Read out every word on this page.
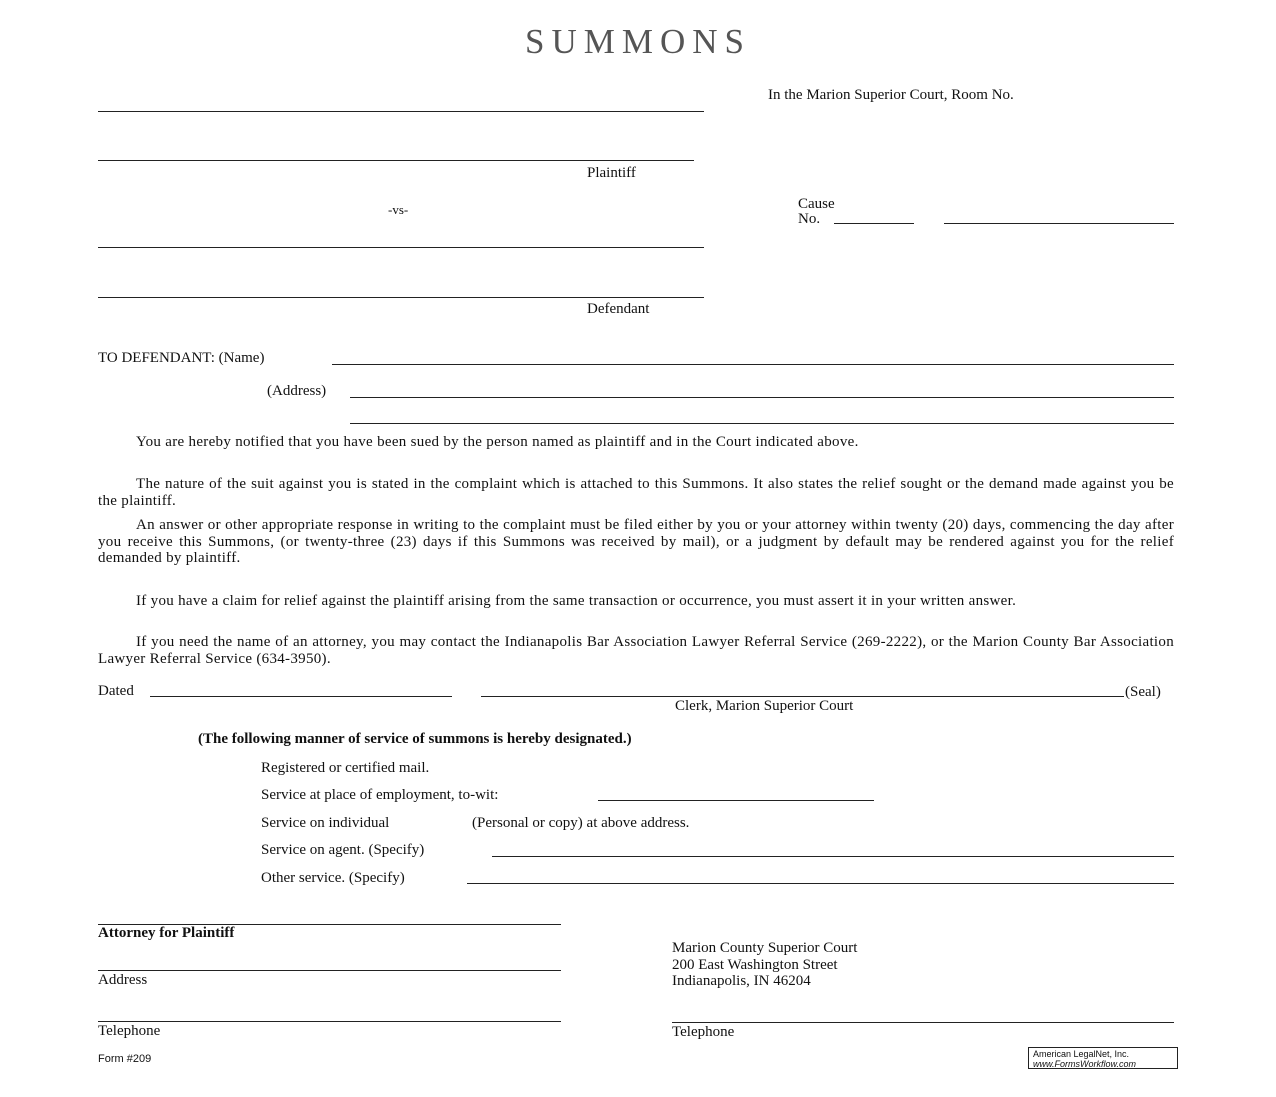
SUMMONS
In the Marion Superior Court, Room No.
Plaintiff
-vs-	Cause
No.
Defendant
TO DEFENDANT: (Name)
(Address)
You are hereby notified that you have been sued by the person named as plaintiff and in the Court indicated above.
The nature of the suit against you is stated in the complaint which is attached to this Summons. It also states the relief sought or the demand made against you be the plaintiff.
An answer or other appropriate response in writing to the complaint must be filed either by you or your attorney within twenty (20) days, commencing the day after you receive this Summons, (or twenty-three (23) days if this Summons was received by mail), or a judgment by default may be rendered against you for the relief demanded by plaintiff.
If you have a claim for relief against the plaintiff arising from the same transaction or occurrence, you must assert it in your written answer.
If you need the name of an attorney, you may contact the Indianapolis Bar Association Lawyer Referral Service (269-2222), or the Marion County Bar Association Lawyer Referral Service (634-3950).
Dated	(Seal)
Clerk, Marion Superior Court
(The following manner of service of summons is hereby designated.)
Registered or certified mail.
Service at place of employment, to-wit:
Service on individual	(Personal or copy) at above address.
Service on agent. (Specify)
Other service. (Specify)
Attorney for Plaintiff
Address
Telephone
Marion County Superior Court
200 East Washington Street
Indianapolis, IN 46204
Telephone
Form #209	American LegalNet, Inc.
www.FormsWorkflow.com
